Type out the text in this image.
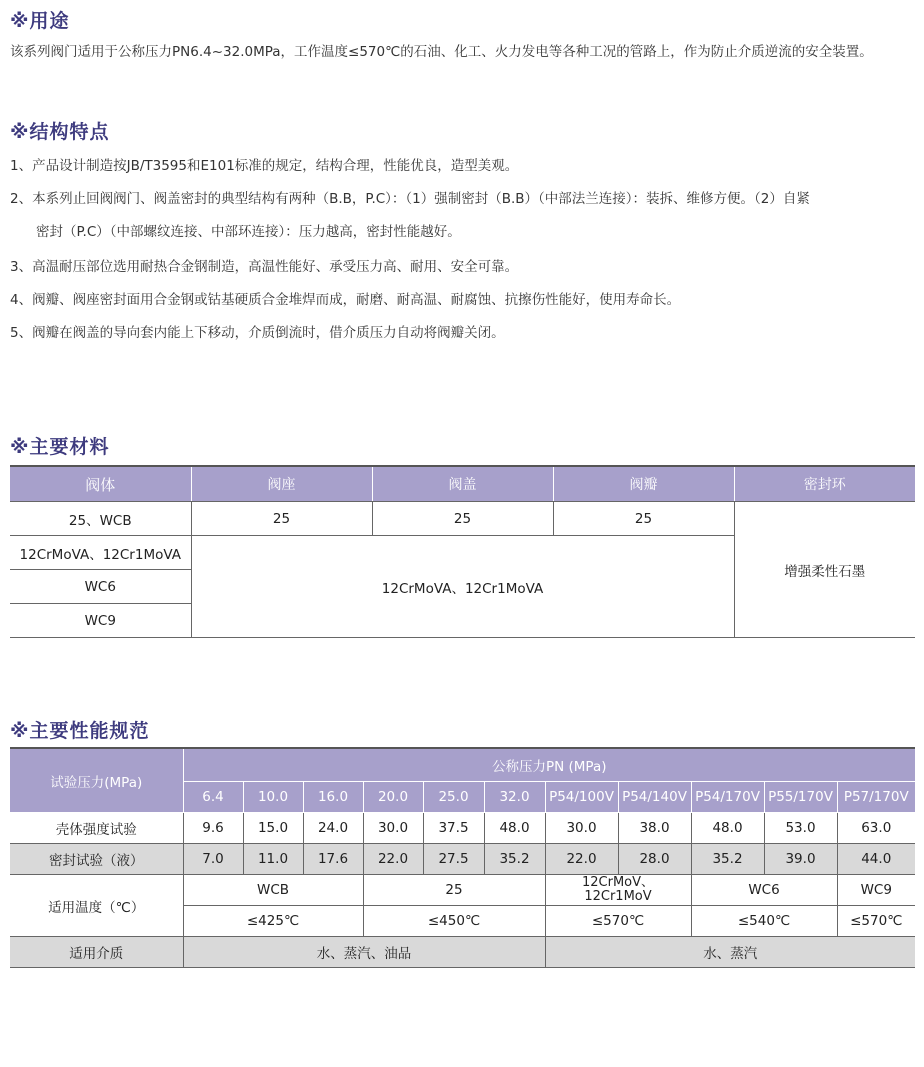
※用途
该系列阀门适用于公称压力PN6.4~32.0MPa，工作温度≤570℃的石油、化工、火力发电等各种工况的管路上，作为防止介质逆流的安全装置。
※结构特点
1、产品设计制造按JB/T3595和E101标准的规定，结构合理，性能优良，造型美观。
2、本系列止回阀阀门、阀盖密封的典型结构有两种（B.B，P.C）：（1）强制密封（B.B）（中部法兰连接）：装拆、维修方便。（2）自紧
密封（P.C）（中部螺纹连接、中部环连接）：压力越高，密封性能越好。
3、高温耐压部位选用耐热合金钢制造，高温性能好、承受压力高、耐用、安全可靠。
4、阀瓣、阀座密封面用合金钢或钴基硬质合金堆焊而成，耐磨、耐高温、耐腐蚀、抗擦伤性能好，使用寿命长。
5、阀瓣在阀盖的导向套内能上下移动，介质倒流时，借介质压力自动将阀瓣关闭。
※主要材料
阀体	阀座	阀盖	阀瓣	密封环
25、WCB	25	25	25	增强柔性石墨
12CrMoVA、12Cr1MoVA	12CrMoVA、12Cr1MoVA			
WC6				
WC9				
※主要性能规范
试验压力(MPa)	公称压力PN (MPa)										
	6.4	10.0	16.0	20.0	25.0	32.0	P54/100V	P54/140V	P54/170V	P55/170V	P57/170V
壳体强度试验	9.6	15.0	24.0	30.0	37.5	48.0	30.0	38.0	48.0	53.0	63.0
密封试验（液）	7.0	11.0	17.6	22.0	27.5	35.2	22.0	28.0	35.2	39.0	44.0
适用温度（℃）	WCB			25			12CrMoV、
12Cr1MoV		WC6		WC9
	≤425℃			≤450℃			≤570℃		≤540℃		≤570℃
适用介质	水、蒸汽、油品						水、蒸汽				
